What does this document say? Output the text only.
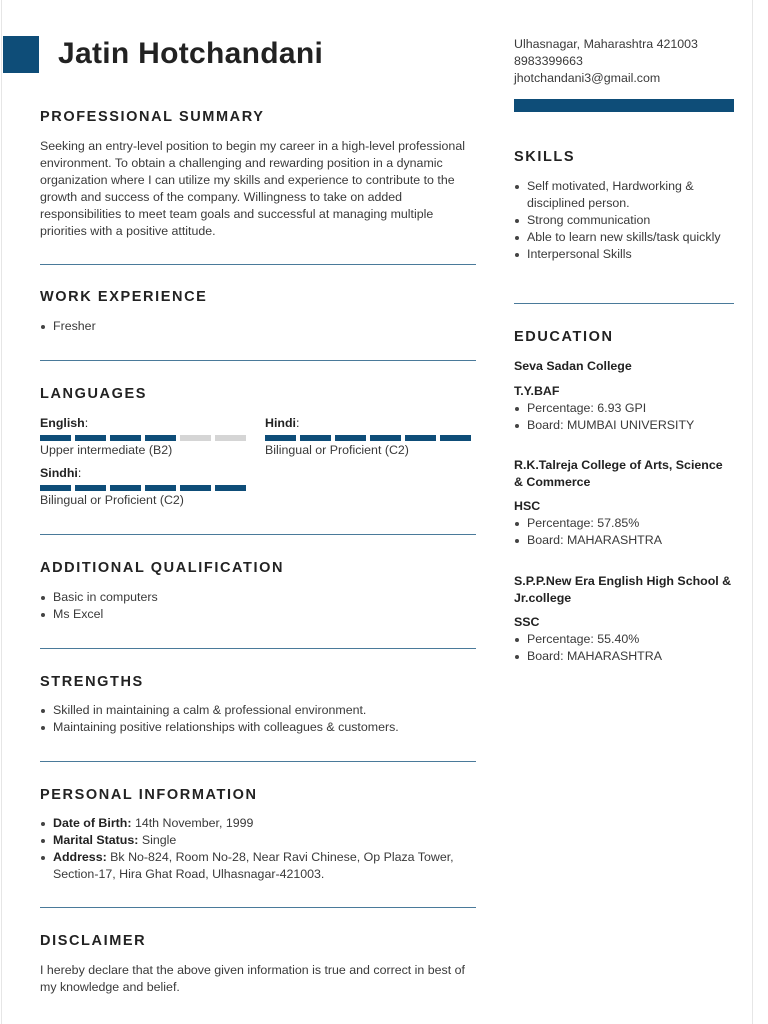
Jatin Hotchandani
PROFESSIONAL SUMMARY

Seeking an entry-level position to begin my career in a high-level professional environment. To obtain a challenging and rewarding position in a dynamic organization where I can utilize my skills and experience to contribute to the growth and success of the company. Willingness to take on added responsibilities to meet team goals and successful at managing multiple priorities with a positive attitude.

WORK EXPERIENCE
Fresher
LANGUAGES
English:
Upper intermediate (B2)
Hindi:
Bilingual or Proficient (C2)
Sindhi:
Bilingual or Proficient (C2)
ADDITIONAL QUALIFICATION
Basic in computers
Ms Excel
STRENGTHS
Skilled in maintaining a calm & professional environment.
Maintaining positive relationships with colleagues & customers.
PERSONAL INFORMATION
Date of Birth: 14th November, 1999
Marital Status: Single
Address: Bk No-824, Room No-28, Near Ravi Chinese, Op Plaza Tower, Section-17, Hira Ghat Road, Ulhasnagar-421003.
DISCLAIMER

I hereby declare that the above given information is true and correct in best of my knowledge and belief.

Ulhasnagar, Maharashtra 421003
8983399663
jhotchandani3@gmail.com
SKILLS
Self motivated, Hardworking & disciplined person.
Strong communication
Able to learn new skills/task quickly
Interpersonal Skills
EDUCATION

Seva Sadan College

T.Y.BAF

Percentage: 6.93 GPI
Board: MUMBAI UNIVERSITY

R.K.Talreja College of Arts, Science & Commerce

HSC

Percentage: 57.85%
Board: MAHARASHTRA

S.P.P.New Era English High School & Jr.college

SSC

Percentage: 55.40%
Board: MAHARASHTRA
